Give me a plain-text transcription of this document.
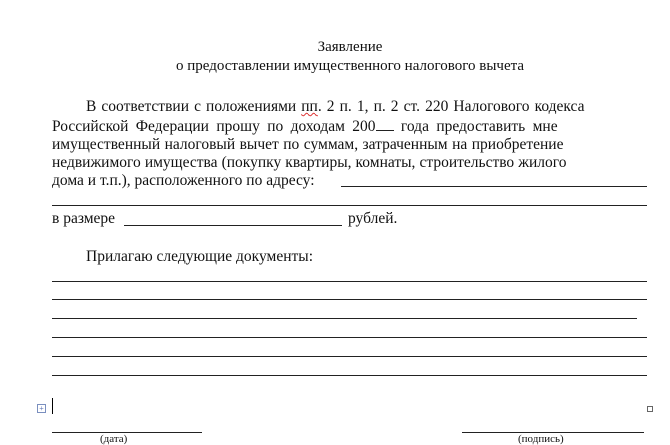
Заявление
о предоставлении имущественного налогового вычета
В соответствии с положениями пп. 2 п. 1, п. 2 ст. 220 Налогового кодекса
Российской Федерации прошу по доходам 200 года предоставить мне
имущественный налоговый вычет по суммам, затраченным на приобретение
недвижимого имущества (покупку квартиры, комнаты, строительство жилого
дома и т.п.), расположенного по адресу:
в размере	рублей.
Прилагаю следующие документы:
+
(дата)	(подпись)
